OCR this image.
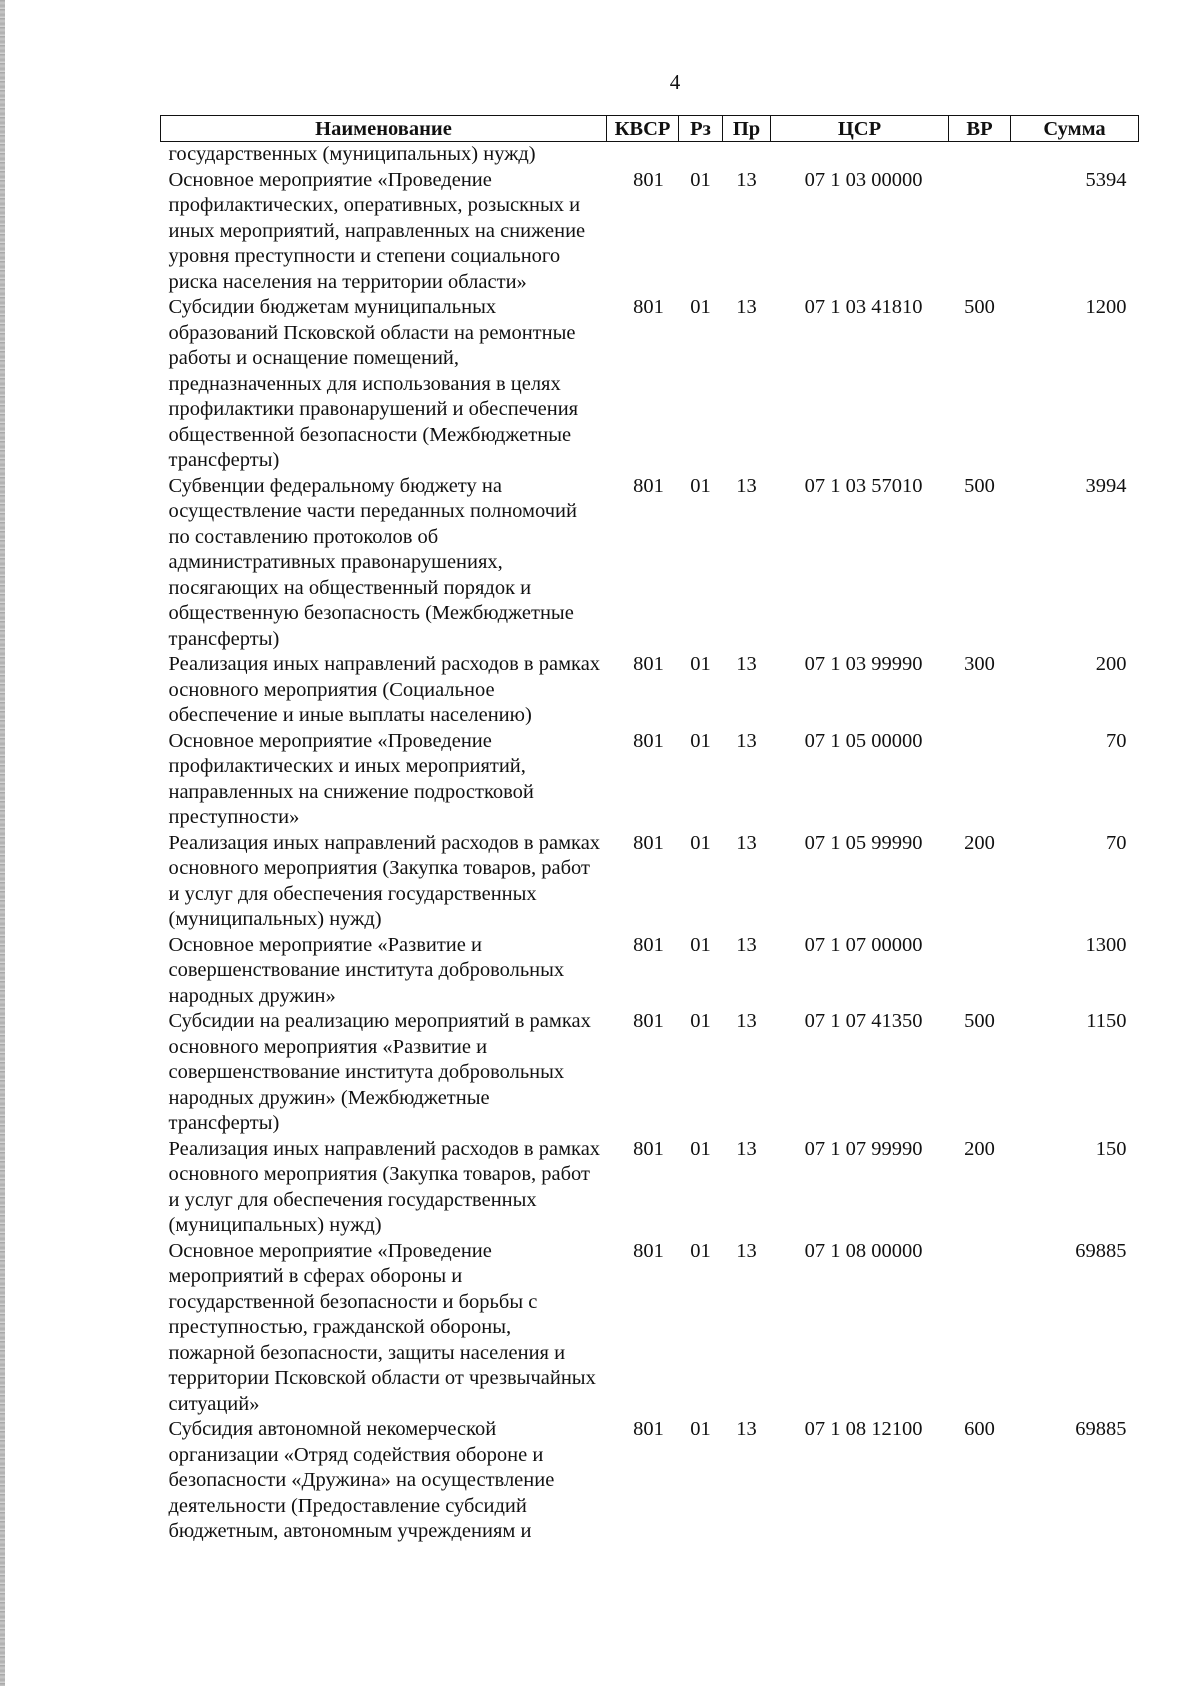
4
Наименование	КВСР	Рз	Пр	ЦСР	ВР	Сумма
государственных (муниципальных) нужд)						
Основное мероприятие «Проведение профилактических, оперативных, розыскных и иных мероприятий, направленных на снижение уровня преступности и степени социального риска населения на территории области»	801	01	13	07 1 03 00000		5394
Субсидии бюджетам муниципальных образований Псковской области на ремонтные работы и оснащение помещений, предназначенных для использования в целях профилактики правонарушений и обеспечения общественной безопасности (Межбюджетные трансферты)	801	01	13	07 1 03 41810	500	1200
Субвенции федеральному бюджету на осуществление части переданных полномочий по составлению протоколов об административных правонарушениях, посягающих на общественный порядок и общественную безопасность (Межбюджетные трансферты)	801	01	13	07 1 03 57010	500	3994
Реализация иных направлений расходов в рамках основного мероприятия (Социальное обеспечение и иные выплаты населению)	801	01	13	07 1 03 99990	300	200
Основное мероприятие «Проведение профилактических и иных мероприятий, направленных на снижение подростковой преступности»	801	01	13	07 1 05 00000		70
Реализация иных направлений расходов в рамках основного мероприятия (Закупка товаров, работ и услуг для обеспечения государственных (муниципальных) нужд)	801	01	13	07 1 05 99990	200	70
Основное мероприятие «Развитие и совершенствование института добровольных народных дружин»	801	01	13	07 1 07 00000		1300
Субсидии на реализацию мероприятий в рамках основного мероприятия «Развитие и совершенствование института добровольных народных дружин» (Межбюджетные трансферты)	801	01	13	07 1 07 41350	500	1150
Реализация иных направлений расходов в рамках основного мероприятия (Закупка товаров, работ и услуг для обеспечения государственных (муниципальных) нужд)	801	01	13	07 1 07 99990	200	150
Основное мероприятие «Проведение мероприятий в сферах обороны и государственной безопасности и борьбы с преступностью, гражданской обороны, пожарной безопасности, защиты населения и территории Псковской области от чрезвычайных ситуаций»	801	01	13	07 1 08 00000		69885
Субсидия автономной некомерческой организации «Отряд содействия обороне и безопасности «Дружина» на осуществление деятельности (Предоставление субсидий бюджетным, автономным учреждениям и	801	01	13	07 1 08 12100	600	69885
